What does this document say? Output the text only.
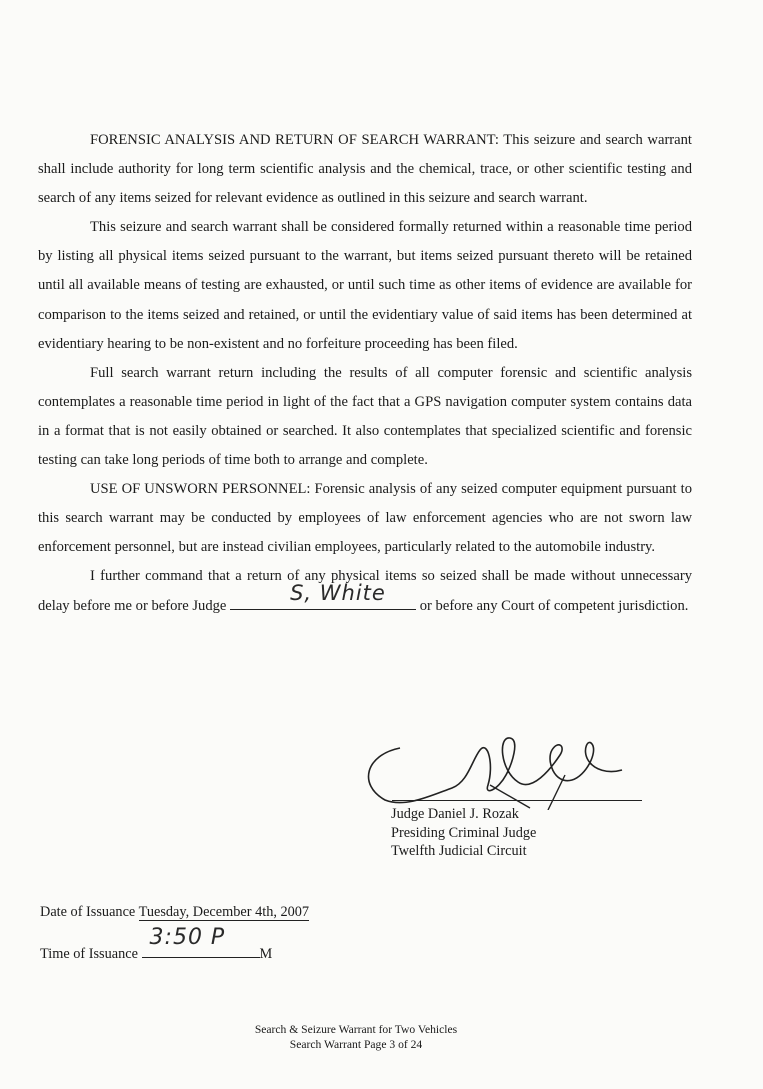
FORENSIC ANALYSIS AND RETURN OF SEARCH WARRANT: This seizure and search warrant shall include authority for long term scientific analysis and the chemical, trace, or other scientific testing and search of any items seized for relevant evidence as outlined in this seizure and search warrant.

This seizure and search warrant shall be considered formally returned within a reasonable time period by listing all physical items seized pursuant to the warrant, but items seized pursuant thereto will be retained until all available means of testing are exhausted, or until such time as other items of evidence are available for comparison to the items seized and retained, or until the evidentiary value of said items has been determined at evidentiary hearing to be non-existent and no forfeiture proceeding has been filed.

Full search warrant return including the results of all computer forensic and scientific analysis contemplates a reasonable time period in light of the fact that a GPS navigation computer system contains data in a format that is not easily obtained or searched. It also contemplates that specialized scientific and forensic testing can take long periods of time both to arrange and complete.

USE OF UNSWORN PERSONNEL: Forensic analysis of any seized computer equipment pursuant to this search warrant may be conducted by employees of law enforcement agencies who are not sworn law enforcement personnel, but are instead civilian employees, particularly related to the automobile industry.

I further command that a return of any physical items so seized shall be made without unnecessary delay before me or before Judge
S, White
or before any Court of competent jurisdiction.

Judge Daniel J. Rozak
Presiding Criminal Judge
Twelfth Judicial Circuit
Date of Issuance Tuesday, December 4th, 2007
Time of Issuance
3:50 P
M
Search & Seizure Warrant for Two Vehicles
Search Warrant Page 3 of 24
